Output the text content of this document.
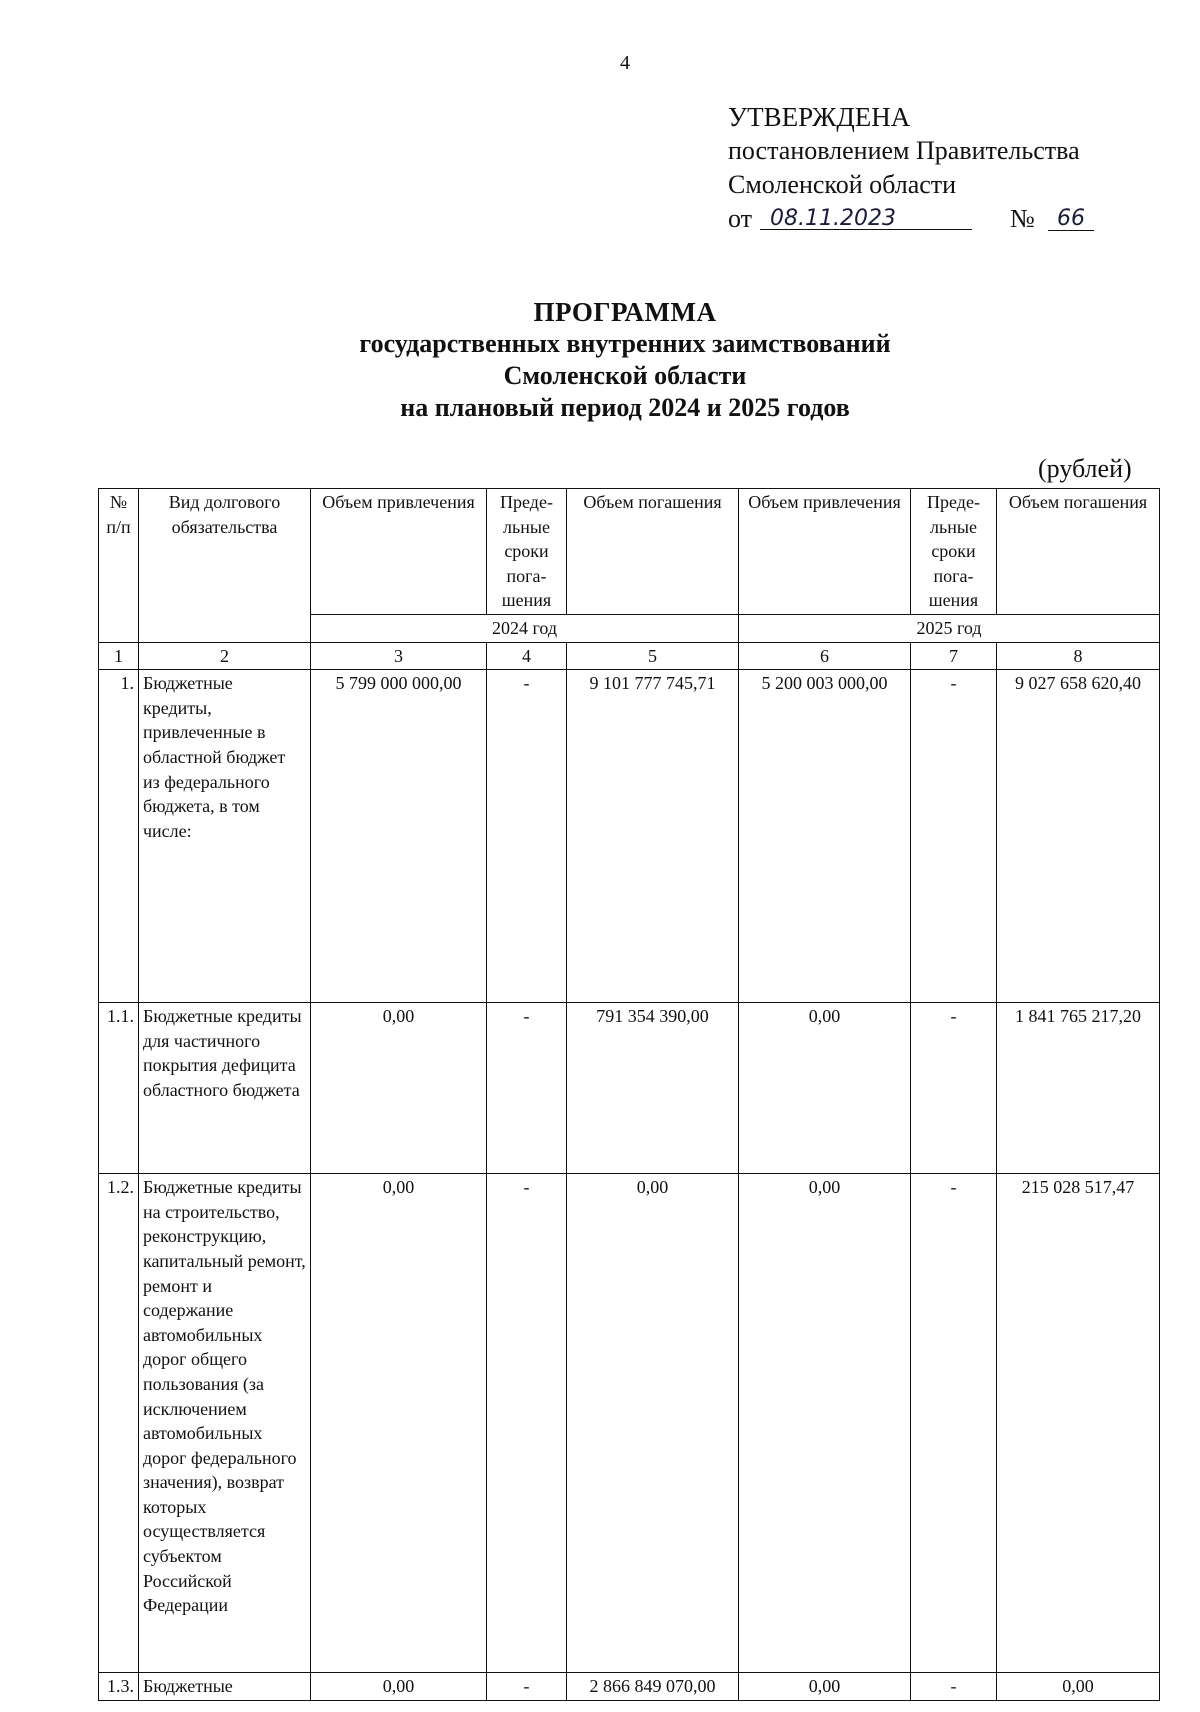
4
УТВЕРЖДЕНА
постановлением Правительства
Смоленской области
от 08.11.2023	№	66
ПРОГРАММА
государственных внутренних заимствований
Смоленской области
на плановый период 2024 и 2025 годов
(рублей)
№ п/п	Вид долгового обязательства	Объем привлечения	Преде-льные сроки пога-шения	Объем погашения	Объем привлечения	Преде-льные сроки пога-шения	Объем погашения
		2024 год			2025 год		
1	2	3	4	5	6	7	8
1.	Бюджетные кредиты, привлеченные в областной бюджет из федерального бюджета, в том числе:	5 799 000 000,00	-	9 101 777 745,71	5 200 003 000,00	-	9 027 658 620,40
1.1.	Бюджетные кредиты для частичного покрытия дефицита областного бюджета	0,00	-	791 354 390,00	0,00	-	1 841 765 217,20
1.2.	Бюджетные кредиты на строительство, реконструкцию, капитальный ремонт, ремонт и содержание автомобильных дорог общего пользования (за исключением автомобильных дорог федерального значения), возврат которых осуществляется субъектом Российской Федерации	0,00	-	0,00	0,00	-	215 028 517,47
1.3.	Бюджетные	0,00	-	2 866 849 070,00	0,00	-	0,00
